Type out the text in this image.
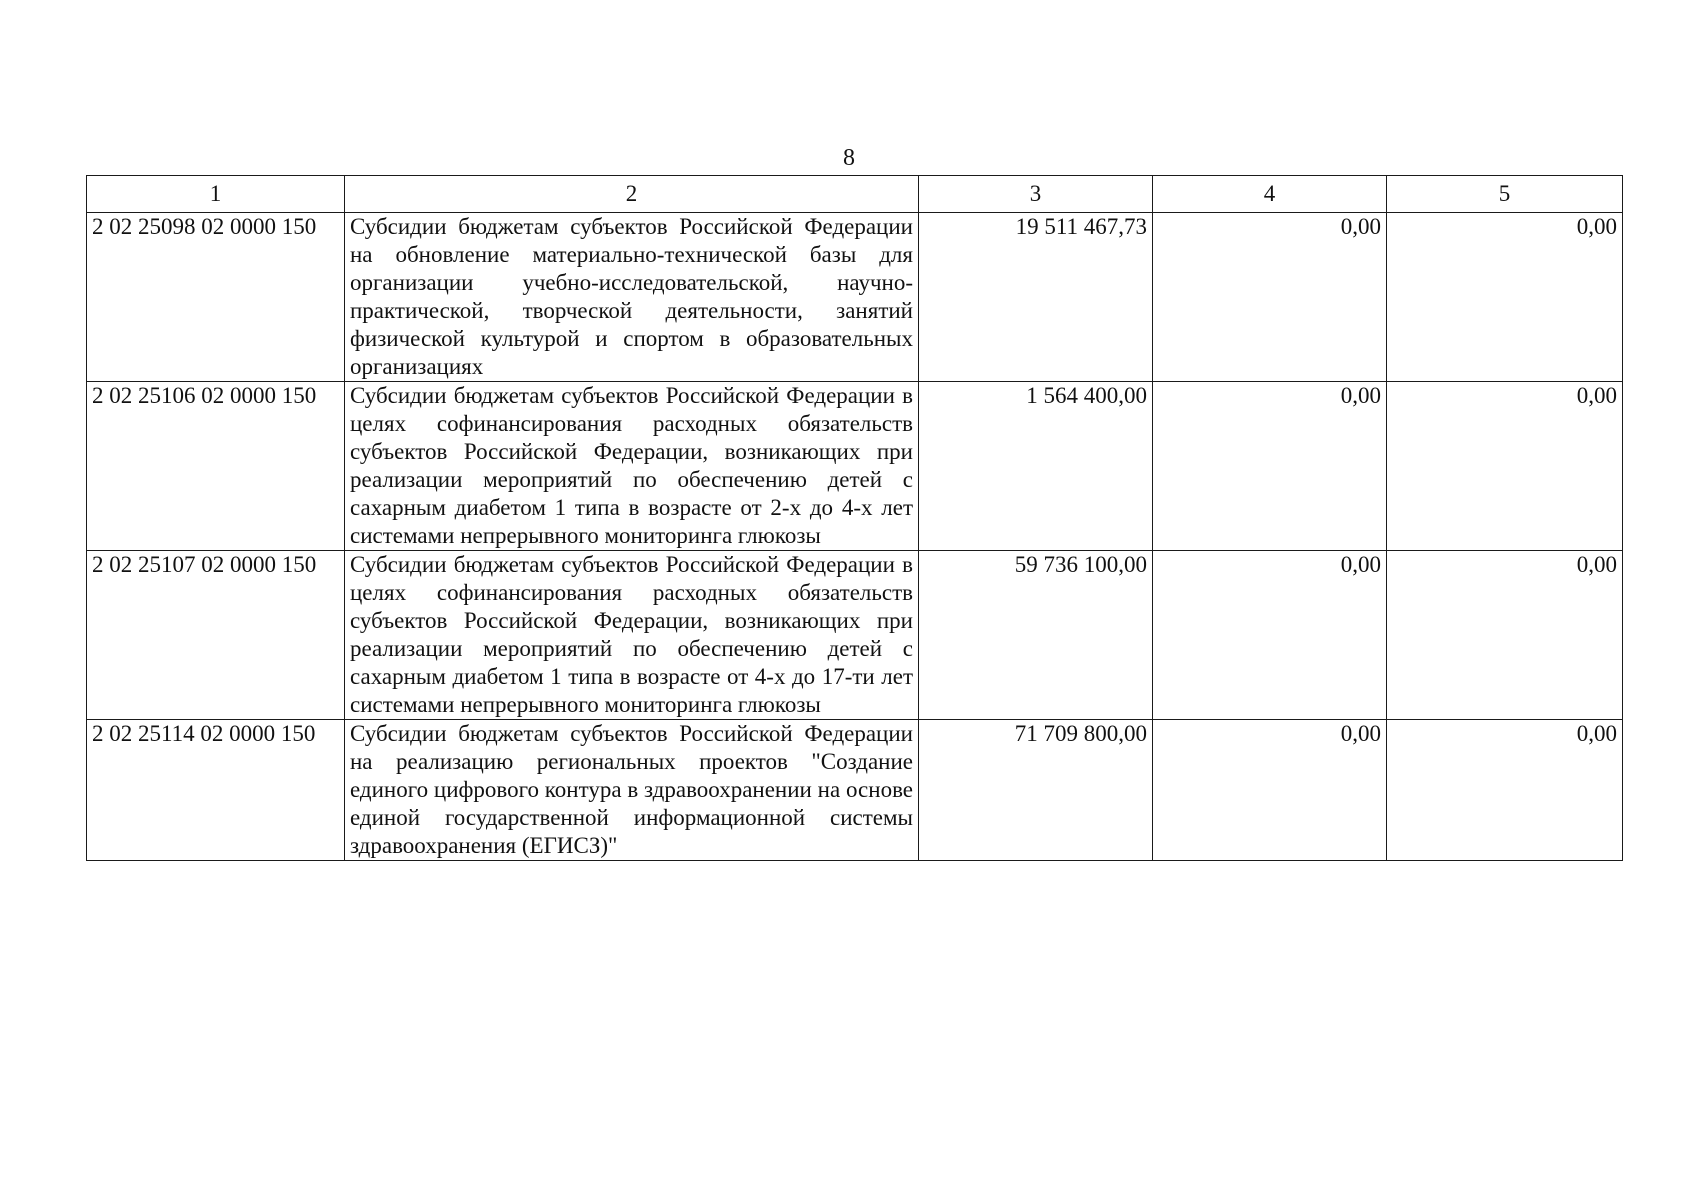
8
1	2	3	4	5
2 02 25098 02 0000 150	Субсидии бюджетам субъектов Российской Федерации на обновление материально-технической базы для организации учебно-исследовательской, научно-практической, творческой деятельности, занятий физической культурой и спортом в образовательных организациях	19 511 467,73	0,00	0,00
2 02 25106 02 0000 150	Субсидии бюджетам субъектов Российской Федерации в целях софинансирования расходных обязательств субъектов Российской Федерации, возникающих при реализации мероприятий по обеспечению детей с сахарным диабетом 1 типа в возрасте от 2-х до 4-х лет системами непрерывного мониторинга глюкозы	1 564 400,00	0,00	0,00
2 02 25107 02 0000 150	Субсидии бюджетам субъектов Российской Федерации в целях софинансирования расходных обязательств субъектов Российской Федерации, возникающих при реализации мероприятий по обеспечению детей с сахарным диабетом 1 типа в возрасте от 4-х до 17-ти лет системами непрерывного мониторинга глюкозы	59 736 100,00	0,00	0,00
2 02 25114 02 0000 150	Субсидии бюджетам субъектов Российской Федерации на реализацию региональных проектов "Создание единого цифрового контура в здравоохранении на основе единой государственной информационной системы здравоохранения (ЕГИСЗ)"	71 709 800,00	0,00	0,00
